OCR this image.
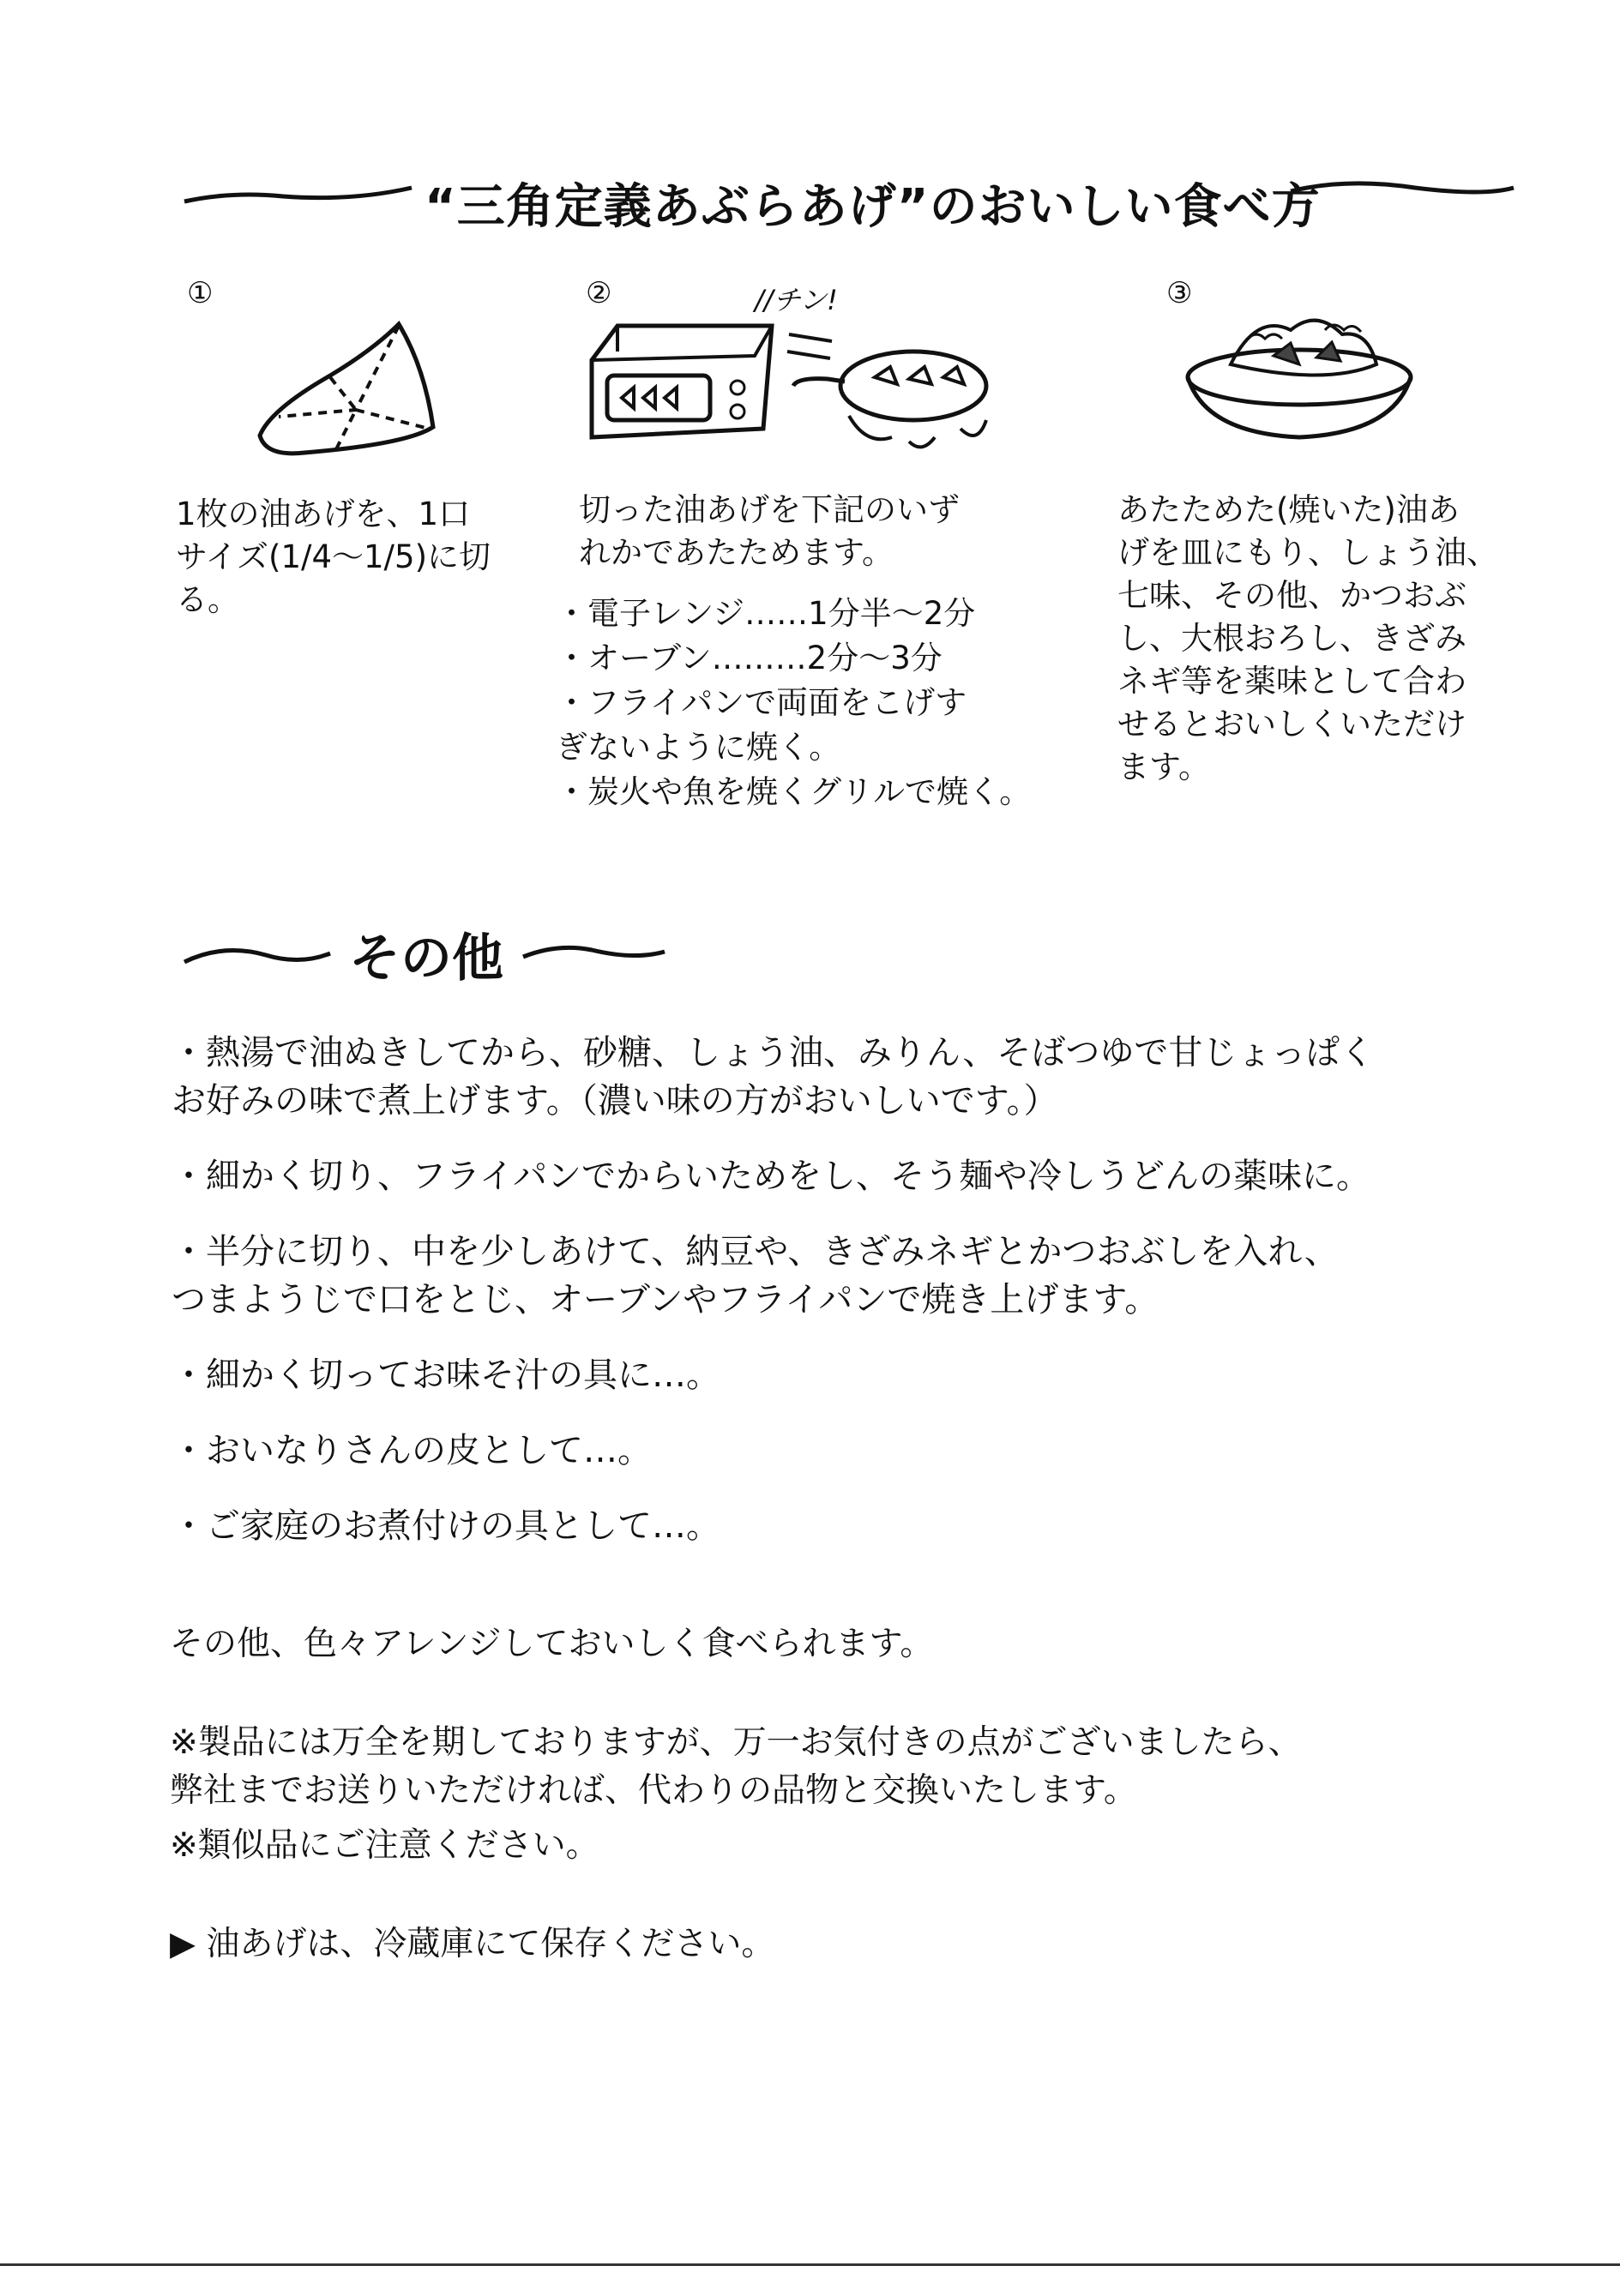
“三角定義あぶらあげ”のおいしい食べ方
①
1枚の油あげを、1口
サイズ(1/4〜1/5)に切
る。
②	//チン!
切った油あげを下記のいず
れかであたためます。
・電子レンジ……1分半〜2分
・オーブン………2分〜3分
・フライパンで両面をこげす
ぎないように焼く。
・炭火や魚を焼くグリルで焼く。
③
あたためた(焼いた)油あ
げを皿にもり、しょう油、
七味、その他、かつおぶ
し、大根おろし、きざみ
ネギ等を薬味として合わ
せるとおいしくいただけ
ます。
その他
・熱湯で油ぬきしてから、砂糖、しょう油、みりん、そばつゆで甘じょっぱく
お好みの味で煮上げます。（濃い味の方がおいしいです。）
・細かく切り、フライパンでからいためをし、そう麺や冷しうどんの薬味に。
・半分に切り、中を少しあけて、納豆や、きざみネギとかつおぶしを入れ、
つまようじで口をとじ、オーブンやフライパンで焼き上げます。
・細かく切ってお味そ汁の具に…。
・おいなりさんの皮として…。
・ご家庭のお煮付けの具として…。
その他、色々アレンジしておいしく食べられます。
※製品には万全を期しておりますが、万一お気付きの点がございましたら、
弊社までお送りいただければ、代わりの品物と交換いたします。
※類似品にご注意ください。
▶ 油あげは、冷蔵庫にて保存ください。
